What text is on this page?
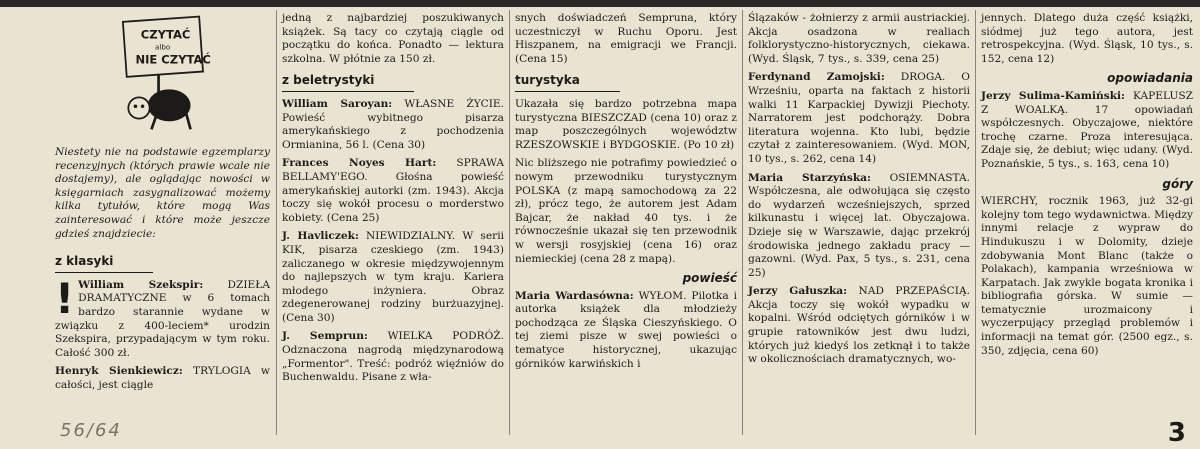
CZYTAĆ
albo
NIE CZYTAĆ

Niestety nie na podstawie egzemplarzy recenzyjnych (których prawie wcale nie dostajemy), ale oglądając nowości w księgarniach zasygnalizować możemy kilka tytułów, które mogą Was zainteresować i które może jeszcze gdzieś znajdziecie:

z klasyki

! William Szekspir: DZIEŁA DRAMATYCZNE w 6 tomach bardzo starannie wydane w związku z 400-leciem* urodzin Szekspira, przypadającym w tym roku. Całość 300 zł.

Henryk Sienkiewicz: TRYLOGIA w całości, jest ciągle

jedną z najbardziej poszukiwanych książek. Są tacy co czytają ciągle od początku do końca. Ponadto — lektura szkolna. W płótnie za 150 zł.

z beletrystyki

William Saroyan: WŁASNE ŻYCIE. Powieść wybitnego pisarza amerykańskiego z pochodzenia Ormianina, 56 l. (Cena 30)

Frances Noyes Hart: SPRAWA BELLAMY'EGO. Głośna powieść amerykańskiej autorki (zm. 1943). Akcja toczy się wokół procesu o morderstwo kobiety. (Cena 25)

J. Havliczek: NIEWIDZIALNY. W serii KIK, pisarza czeskiego (zm. 1943) zaliczanego w okresie międzywojennym do najlepszych w tym kraju. Kariera młodego inżyniera. Obraz zdegenerowanej rodziny burżuazyjnej. (Cena 30)

J. Semprun: WIELKA PODRÓŻ. Odznaczona nagrodą międzynarodową „Formentor". Treść: podróż więźniów do Buchenwaldu. Pisane z wła-

snych doświadczeń Sempruna, który uczestniczył w Ruchu Oporu. Jest Hiszpanem, na emigracji we Francji. (Cena 15)

turystyka

Ukazała się bardzo potrzebna mapa turystyczna BIESZCZAD (cena 10) oraz z map poszczególnych województw RZESZOWSKIE i BYDGOSKIE. (Po 10 zł)

Nic bliższego nie potrafimy powiedzieć o nowym przewodniku turystycznym POLSKA (z mapą samochodową za 22 zł), prócz tego, że autorem jest Adam Bajcar, że nakład 40 tys. i że równocześnie ukazał się ten przewodnik w wersji rosyjskiej (cena 16) oraz niemieckiej (cena 28 z mapą).

powieść

Maria Wardasówna: WYŁOM. Pilotka i autorka książek dla młodzieży pochodząca ze Śląska Cieszyńskiego. O tej ziemi pisze w swej powieści o tematyce historycznej, ukazując górników karwińskich i

Ślązaków - żołnierzy z armii austriackiej. Akcja osadzona w realiach folklorystyczno-historycznych, ciekawa. (Wyd. Śląsk, 7 tys., s. 339, cena 25)

Ferdynand Zamojski: DROGA. O Wrześniu, oparta na faktach z historii walki 11 Karpackiej Dywizji Piechoty. Narratorem jest podchorąży. Dobra literatura wojenna. Kto lubi, będzie czytał z zainteresowaniem. (Wyd. MON, 10 tys., s. 262, cena 14)

Maria Starzyńska: OSIEMNASTA. Współczesna, ale odwołująca się często do wydarzeń wcześniejszych, sprzed kilkunastu i więcej lat. Obyczajowa. Dzieje się w Warszawie, dając przekrój środowiska jednego zakładu pracy — gazowni. (Wyd. Pax, 5 tys., s. 231, cena 25)

Jerzy Gałuszka: NAD PRZEPAŚCIĄ. Akcja toczy się wokół wypadku w kopalni. Wśród odciętych górników i w grupie ratowników jest dwu ludzi, których już kiedyś los zetknął i to także w okolicznościach dramatycznych, wo-

jennych. Dlatego duża część książki, siódmej już tego autora, jest retrospekcyjna. (Wyd. Śląsk, 10 tys., s. 152, cena 12)

opowiadania

Jerzy Sulima-Kamiński: KAPELUSZ Z WOALKĄ. 17 opowiadań współczesnych. Obyczajowe, niektóre trochę czarne. Proza interesująca. Zdaje się, że debiut; więc udany. (Wyd. Poznańskie, 5 tys., s. 163, cena 10)

góry

WIERCHY, rocznik 1963, już 32-gi kolejny tom tego wydawnictwa. Między innymi relacje z wypraw do Hindukuszu i w Dolomity, dzieje zdobywania Mont Blanc (także o Polakach), kampania wrześniowa w Karpatach. Jak zwykle bogata kronika i bibliografia górska. W sumie — tematycznie urozmaicony i wyczerpujący przegląd problemów i informacji na temat gór. (2500 egz., s. 350, zdjęcia, cena 60)

56/64	3
